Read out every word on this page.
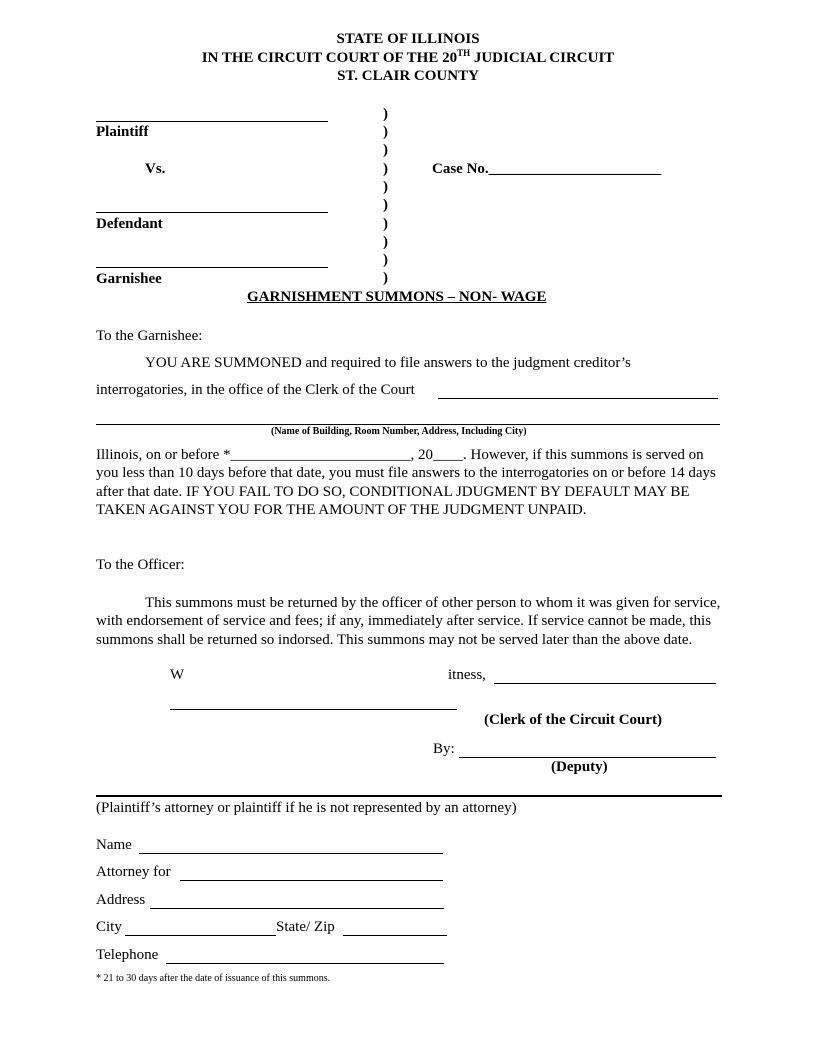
STATE OF ILLINOIS
IN THE CIRCUIT COURT OF THE 20TH JUDICIAL CIRCUIT
ST. CLAIR COUNTY
Plaintiff
Vs.
Defendant
Garnishee
)
)
)
)
)
)
)
)
)
)
Case No._______________________
GARNISHMENT SUMMONS – NON- WAGE
To the Garnishee:
YOU ARE SUMMONED and required to file answers to the judgment creditor’s
interrogatories, in the office of the Clerk of the Court
(Name of Building, Room Number, Address, Including City)
Illinois, on or before *________________________, 20____. However, if this summons is served on you less than 10 days before that date, you must file answers to the interrogatories on or before 14 days after that date. IF YOU FAIL TO DO SO, CONDITIONAL JDUGMENT BY DEFAULT MAY BE TAKEN AGAINST YOU FOR THE AMOUNT OF THE JUDGMENT UNPAID.
To the Officer:
This summons must be returned by the officer of other person to whom it was given for service, with endorsement of service and fees; if any, immediately after service. If service cannot be made, this summons shall be returned so indorsed. This summons may not be served later than the above date.
W	itness,
(Clerk of the Circuit Court)
By:
(Deputy)
(Plaintiff’s attorney or plaintiff if he is not represented by an attorney)
Name
Attorney for
Address
City	State/ Zip
Telephone
* 21 to 30 days after the date of issuance of this summons.
